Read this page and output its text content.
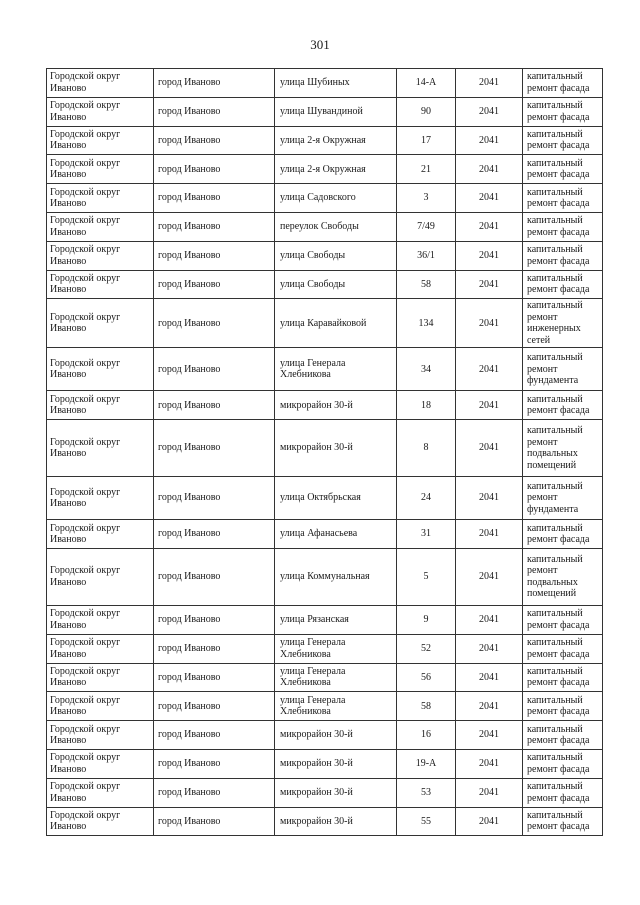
301
Городской округ Иваново	город Иваново	улица Шубиных	14-А	2041	капитальный ремонт фасада
Городской округ Иваново	город Иваново	улица Шувандиной	90	2041	капитальный ремонт фасада
Городской округ Иваново	город Иваново	улица 2-я Окружная	17	2041	капитальный ремонт фасада
Городской округ Иваново	город Иваново	улица 2-я Окружная	21	2041	капитальный ремонт фасада
Городской округ Иваново	город Иваново	улица Садовского	3	2041	капитальный ремонт фасада
Городской округ Иваново	город Иваново	переулок Свободы	7/49	2041	капитальный ремонт фасада
Городской округ Иваново	город Иваново	улица Свободы	36/1	2041	капитальный ремонт фасада
Городской округ Иваново	город Иваново	улица Свободы	58	2041	капитальный ремонт фасада
Городской округ Иваново	город Иваново	улица Каравайковой	134	2041	капитальный ремонт инженерных сетей
Городской округ Иваново	город Иваново	улица Генерала Хлебникова	34	2041	капитальный ремонт фундамента
Городской округ Иваново	город Иваново	микрорайон 30-й	18	2041	капитальный ремонт фасада
Городской округ Иваново	город Иваново	микрорайон 30-й	8	2041	капитальный ремонт подвальных помещений
Городской округ Иваново	город Иваново	улица Октябрьская	24	2041	капитальный ремонт фундамента
Городской округ Иваново	город Иваново	улица Афанасьева	31	2041	капитальный ремонт фасада
Городской округ Иваново	город Иваново	улица Коммунальная	5	2041	капитальный ремонт подвальных помещений
Городской округ Иваново	город Иваново	улица Рязанская	9	2041	капитальный ремонт фасада
Городской округ Иваново	город Иваново	улица Генерала Хлебникова	52	2041	капитальный ремонт фасада
Городской округ Иваново	город Иваново	улица Генерала Хлебникова	56	2041	капитальный ремонт фасада
Городской округ Иваново	город Иваново	улица Генерала Хлебникова	58	2041	капитальный ремонт фасада
Городской округ Иваново	город Иваново	микрорайон 30-й	16	2041	капитальный ремонт фасада
Городской округ Иваново	город Иваново	микрорайон 30-й	19-А	2041	капитальный ремонт фасада
Городской округ Иваново	город Иваново	микрорайон 30-й	53	2041	капитальный ремонт фасада
Городской округ Иваново	город Иваново	микрорайон 30-й	55	2041	капитальный ремонт фасада
